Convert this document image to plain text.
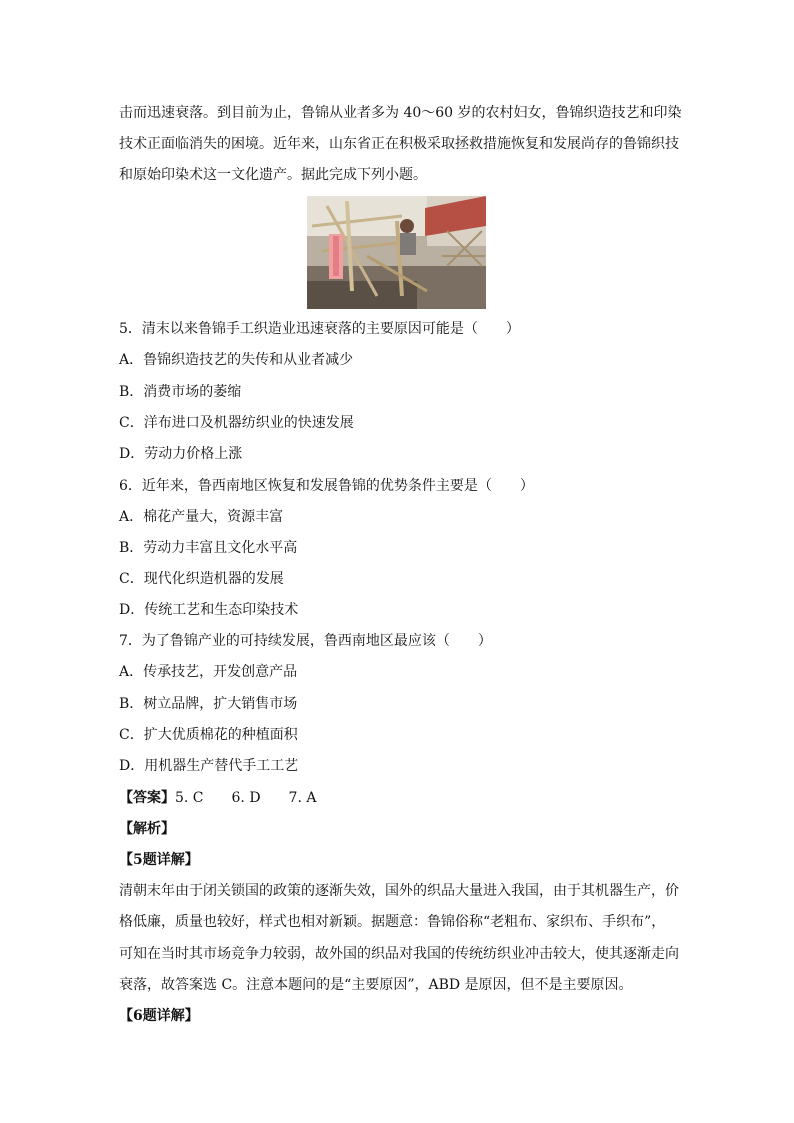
击而迅速衰落。到目前为止，鲁锦从业者多为 40～60 岁的农村妇女，鲁锦织造技艺和印染
技术正面临消失的困境。近年来，山东省正在积极采取拯救措施恢复和发展尚存的鲁锦织技
和原始印染术这一文化遗产。据此完成下列小题。
5．清末以来鲁锦手工织造业迅速衰落的主要原因可能是（　　）
A．鲁锦织造技艺的失传和从业者减少
B．消费市场的萎缩
C．洋布进口及机器纺织业的快速发展
D．劳动力价格上涨
6．近年来，鲁西南地区恢复和发展鲁锦的优势条件主要是（　　）
A．棉花产量大，资源丰富
B．劳动力丰富且文化水平高
C．现代化织造机器的发展
D．传统工艺和生态印染技术
7．为了鲁锦产业的可持续发展，鲁西南地区最应该（　　）
A．传承技艺，开发创意产品
B．树立品牌，扩大销售市场
C．扩大优质棉花的种植面积
D．用机器生产替代手工工艺
【答案】5. C　　6. D　　7. A
【解析】
【5题详解】
清朝末年由于闭关锁国的政策的逐渐失效，国外的织品大量进入我国，由于其机器生产，价
格低廉，质量也较好，样式也相对新颖。据题意：鲁锦俗称“老粗布、家织布、手织布”，
可知在当时其市场竞争力较弱，故外国的织品对我国的传统纺织业冲击较大，使其逐渐走向
衰落，故答案选 C。注意本题问的是“主要原因”，ABD 是原因，但不是主要原因。
【6题详解】
